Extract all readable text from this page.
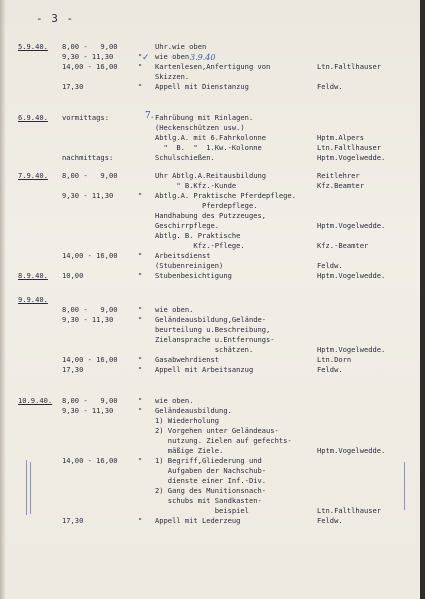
- 3 -
5.9.40. 8,00 -   9,00	Uhr.wie oben
9,30 - 11,30	" wie oben
14,00 - 16,00	" Kartenlesen,Anfertigung von	Ltn.Faltlhauser
Skizzen.
17,30	" Appell mit Dienstanzug	Feldw.
6.9.40. vormittags:	Fahrübung mit Rinlagen.
(Heckenschützen usw.)
Abtlg.A. mit 6.Fahrkolonne	Hptm.Alpers
"  B.  "  1.Kw.-Kolonne	Ltn.Faltlhauser
nachmittags:	Schulschießen.	Hptm.Vogelwedde.
7.9.40. 8,00 -   9,00	Uhr Abtlg.A.Reitausbildung	Reitlehrer
" B.Kfz.-Kunde	Kfz.Beamter
9,30 - 11,30	" Abtlg.A. Praktische Pferdepflege.
Pferdepflege.
Handhabung des Putzzeuges,
Geschirrpflege.	Hptm.Vogelwedde.
Abtlg. B. Praktische
Kfz.-Pflege.	Kfz.-Beamter
14,00 - 16,00	" Arbeitsdienst
(Stubenreinigen)	Feldw.
8.9.40. 10,00	" Stubenbesichtigung	Hptm.Vogelwedde.
9.9.40.
8,00 -   9,00	" wie oben.
9,30 - 11,30	" Geländeausbildung,Gelände-
beurteilung u.Beschreibung,
Zielansprache u.Entfernungs-
schätzen.	Hptm.Vogelwedde.
14,00 - 16,00	" Gasabwehrdienst	Ltn.Dorn
17,30	" Appell mit Arbeitsanzug	Feldw.
10.9.40. 8,00 -   9,00	" wie oben.
9,30 - 11,30	" Geländeausbildung.
1) Wiederholung
2) Vorgehen unter Geländeaus-
nutzung. Zielen auf gefechts-
mäßige Ziele.	Hptm.Vogelwedde.
14,00 - 16,00	" 1) Begriff,Gliederung und
Aufgaben der Nachschub-
dienste einer Inf.-Div.
2) Gang des Munitionsnach-
schubs mit Sandkasten-
beispiel	Ltn.Faltlhauser
17,30	" Appell mit Lederzeug	Feldw.
3.9.40
7.
✓
